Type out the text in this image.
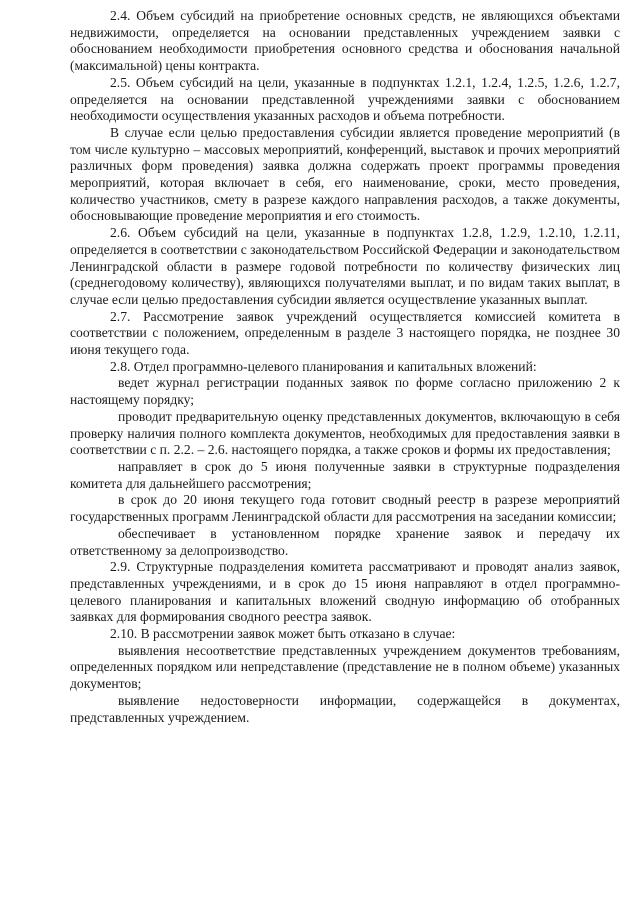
2.4. Объем субсидий на приобретение основных средств, не являющихся объектами недвижимости, определяется на основании представленных учреждением заявки с обоснованием необходимости приобретения основного средства и обоснования начальной (максимальной) цены контракта.

2.5. Объем субсидий на цели, указанные в подпунктах 1.2.1, 1.2.4, 1.2.5, 1.2.6, 1.2.7, определяется на основании представленной учреждениями заявки с обоснованием необходимости осуществления указанных расходов и объема потребности.

В случае если целью предоставления субсидии является проведение мероприятий (в том числе культурно – массовых мероприятий, конференций, выставок и прочих мероприятий различных форм проведения) заявка должна содержать проект программы проведения мероприятий, которая включает в себя, его наименование, сроки, место проведения, количество участников, смету в разрезе каждого направления расходов, а также документы, обосновывающие проведение мероприятия и его стоимость.

2.6. Объем субсидий на цели, указанные в подпунктах 1.2.8, 1.2.9, 1.2.10, 1.2.11, определяется в соответствии с законодательством Российской Федерации и законодательством Ленинградской области в размере годовой потребности по количеству физических лиц (среднегодовому количеству), являющихся получателями выплат, и по видам таких выплат, в случае если целью предоставления субсидии является осуществление указанных выплат.

2.7. Рассмотрение заявок учреждений осуществляется комиссией комитета в соответствии с положением, определенным в разделе 3 настоящего порядка, не позднее 30 июня текущего года.

2.8. Отдел программно-целевого планирования и капитальных вложений:

ведет журнал регистрации поданных заявок по форме согласно приложению 2 к настоящему порядку;

проводит предварительную оценку представленных документов, включающую в себя проверку наличия полного комплекта документов, необходимых для предоставления заявки в соответствии с п. 2.2. – 2.6. настоящего порядка, а также сроков и формы их предоставления;

направляет в срок до 5 июня полученные заявки в структурные подразделения комитета для дальнейшего рассмотрения;

в срок до 20 июня текущего года готовит сводный реестр в разрезе мероприятий государственных программ Ленинградской области для рассмотрения на заседании комиссии;

обеспечивает в установленном порядке хранение заявок и передачу их ответственному за делопроизводство.

2.9. Структурные подразделения комитета рассматривают и проводят анализ заявок, представленных учреждениями, и в срок до 15 июня направляют в отдел программно-целевого планирования и капитальных вложений сводную информацию об отобранных заявках для формирования сводного реестра заявок.

2.10. В рассмотрении заявок может быть отказано в случае:

выявления несоответствие представленных учреждением документов требованиям, определенных порядком или непредставление (представление не в полном объеме) указанных документов;

выявление недостоверности информации, содержащейся в документах, представленных учреждением.
